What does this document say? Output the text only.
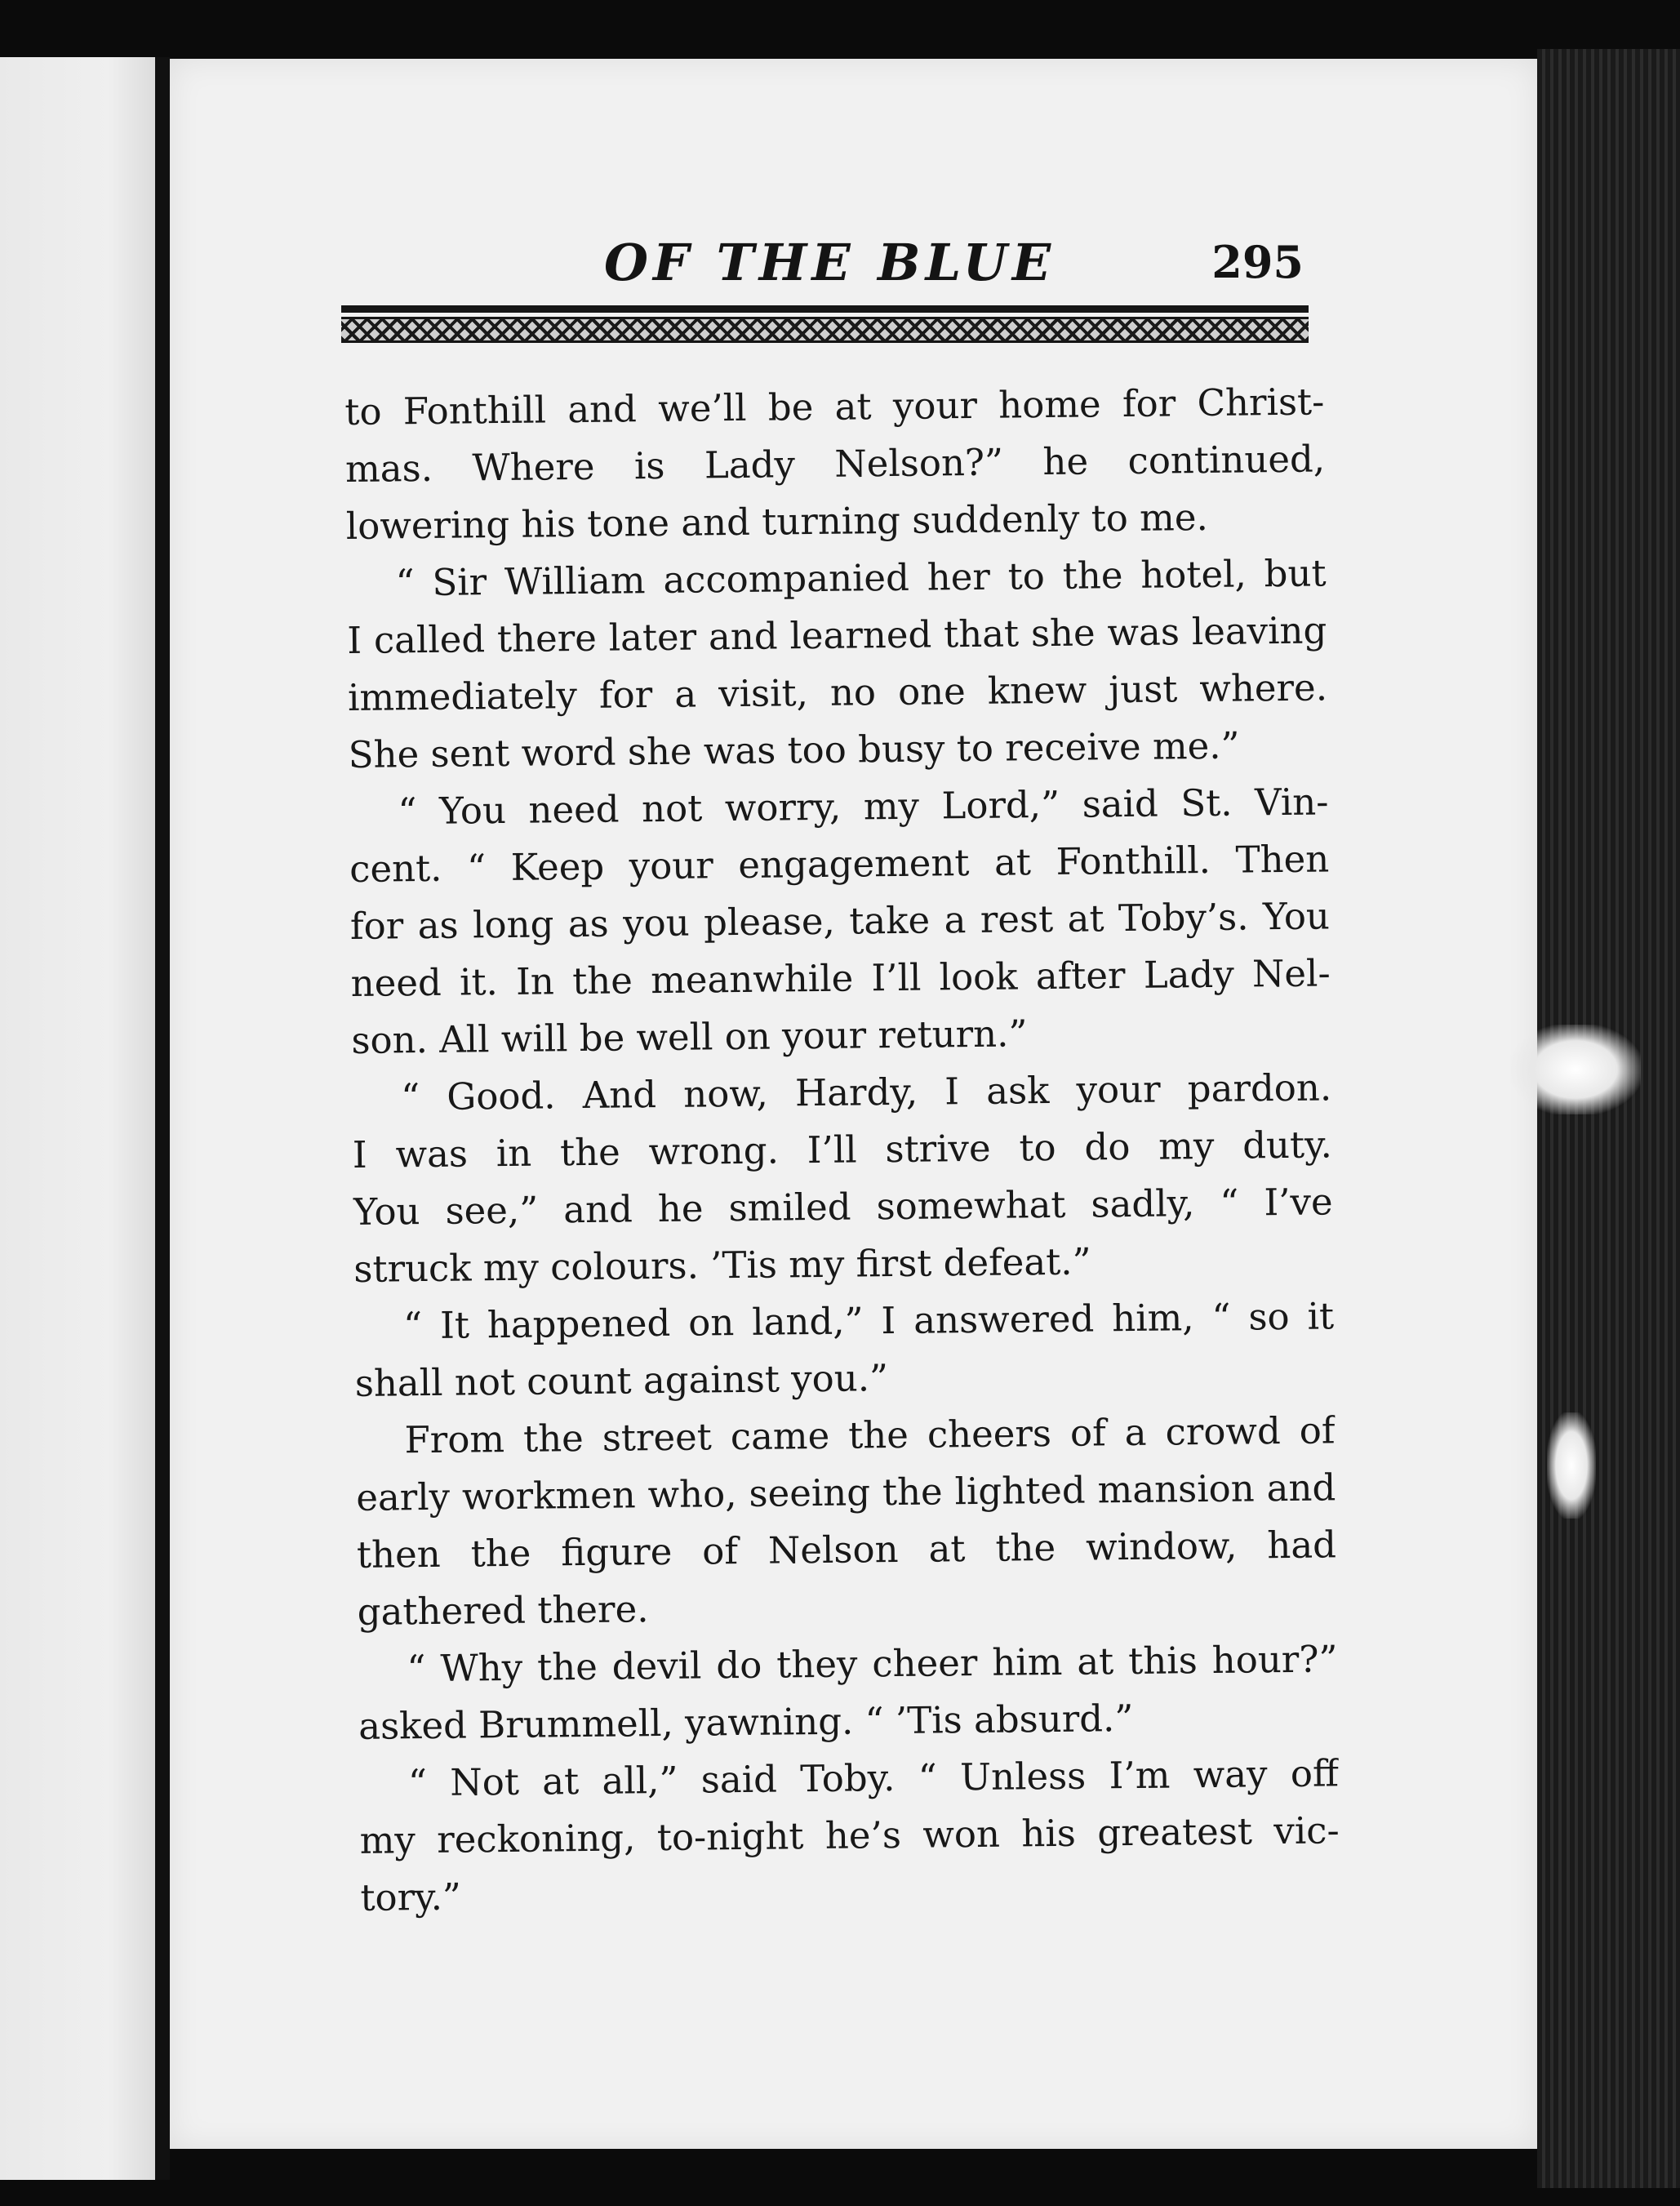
OF THE BLUE	295
to Fonthill and we’ll be at your home for Christ-
mas. Where is Lady Nelson?” he continued,
lowering his tone and turning suddenly to me.
“ Sir William accompanied her to the hotel, but
I called there later and learned that she was leaving
immediately for a visit, no one knew just where.
She sent word she was too busy to receive me.”
“ You need not worry, my Lord,” said St. Vin-
cent. “ Keep your engagement at Fonthill. Then
for as long as you please, take a rest at Toby’s. You
need it. In the meanwhile I’ll look after Lady Nel-
son. All will be well on your return.”
“ Good. And now, Hardy, I ask your pardon.
I was in the wrong. I’ll strive to do my duty.
You see,” and he smiled somewhat sadly, “ I’ve
struck my colours. ’Tis my first defeat.”
“ It happened on land,” I answered him, “ so it
shall not count against you.”
From the street came the cheers of a crowd of
early workmen who, seeing the lighted mansion and
then the figure of Nelson at the window, had
gathered there.
“ Why the devil do they cheer him at this hour?”
asked Brummell, yawning. “ ’Tis absurd.”
“ Not at all,” said Toby. “ Unless I’m way off
my reckoning, to-night he’s won his greatest vic-
tory.”
